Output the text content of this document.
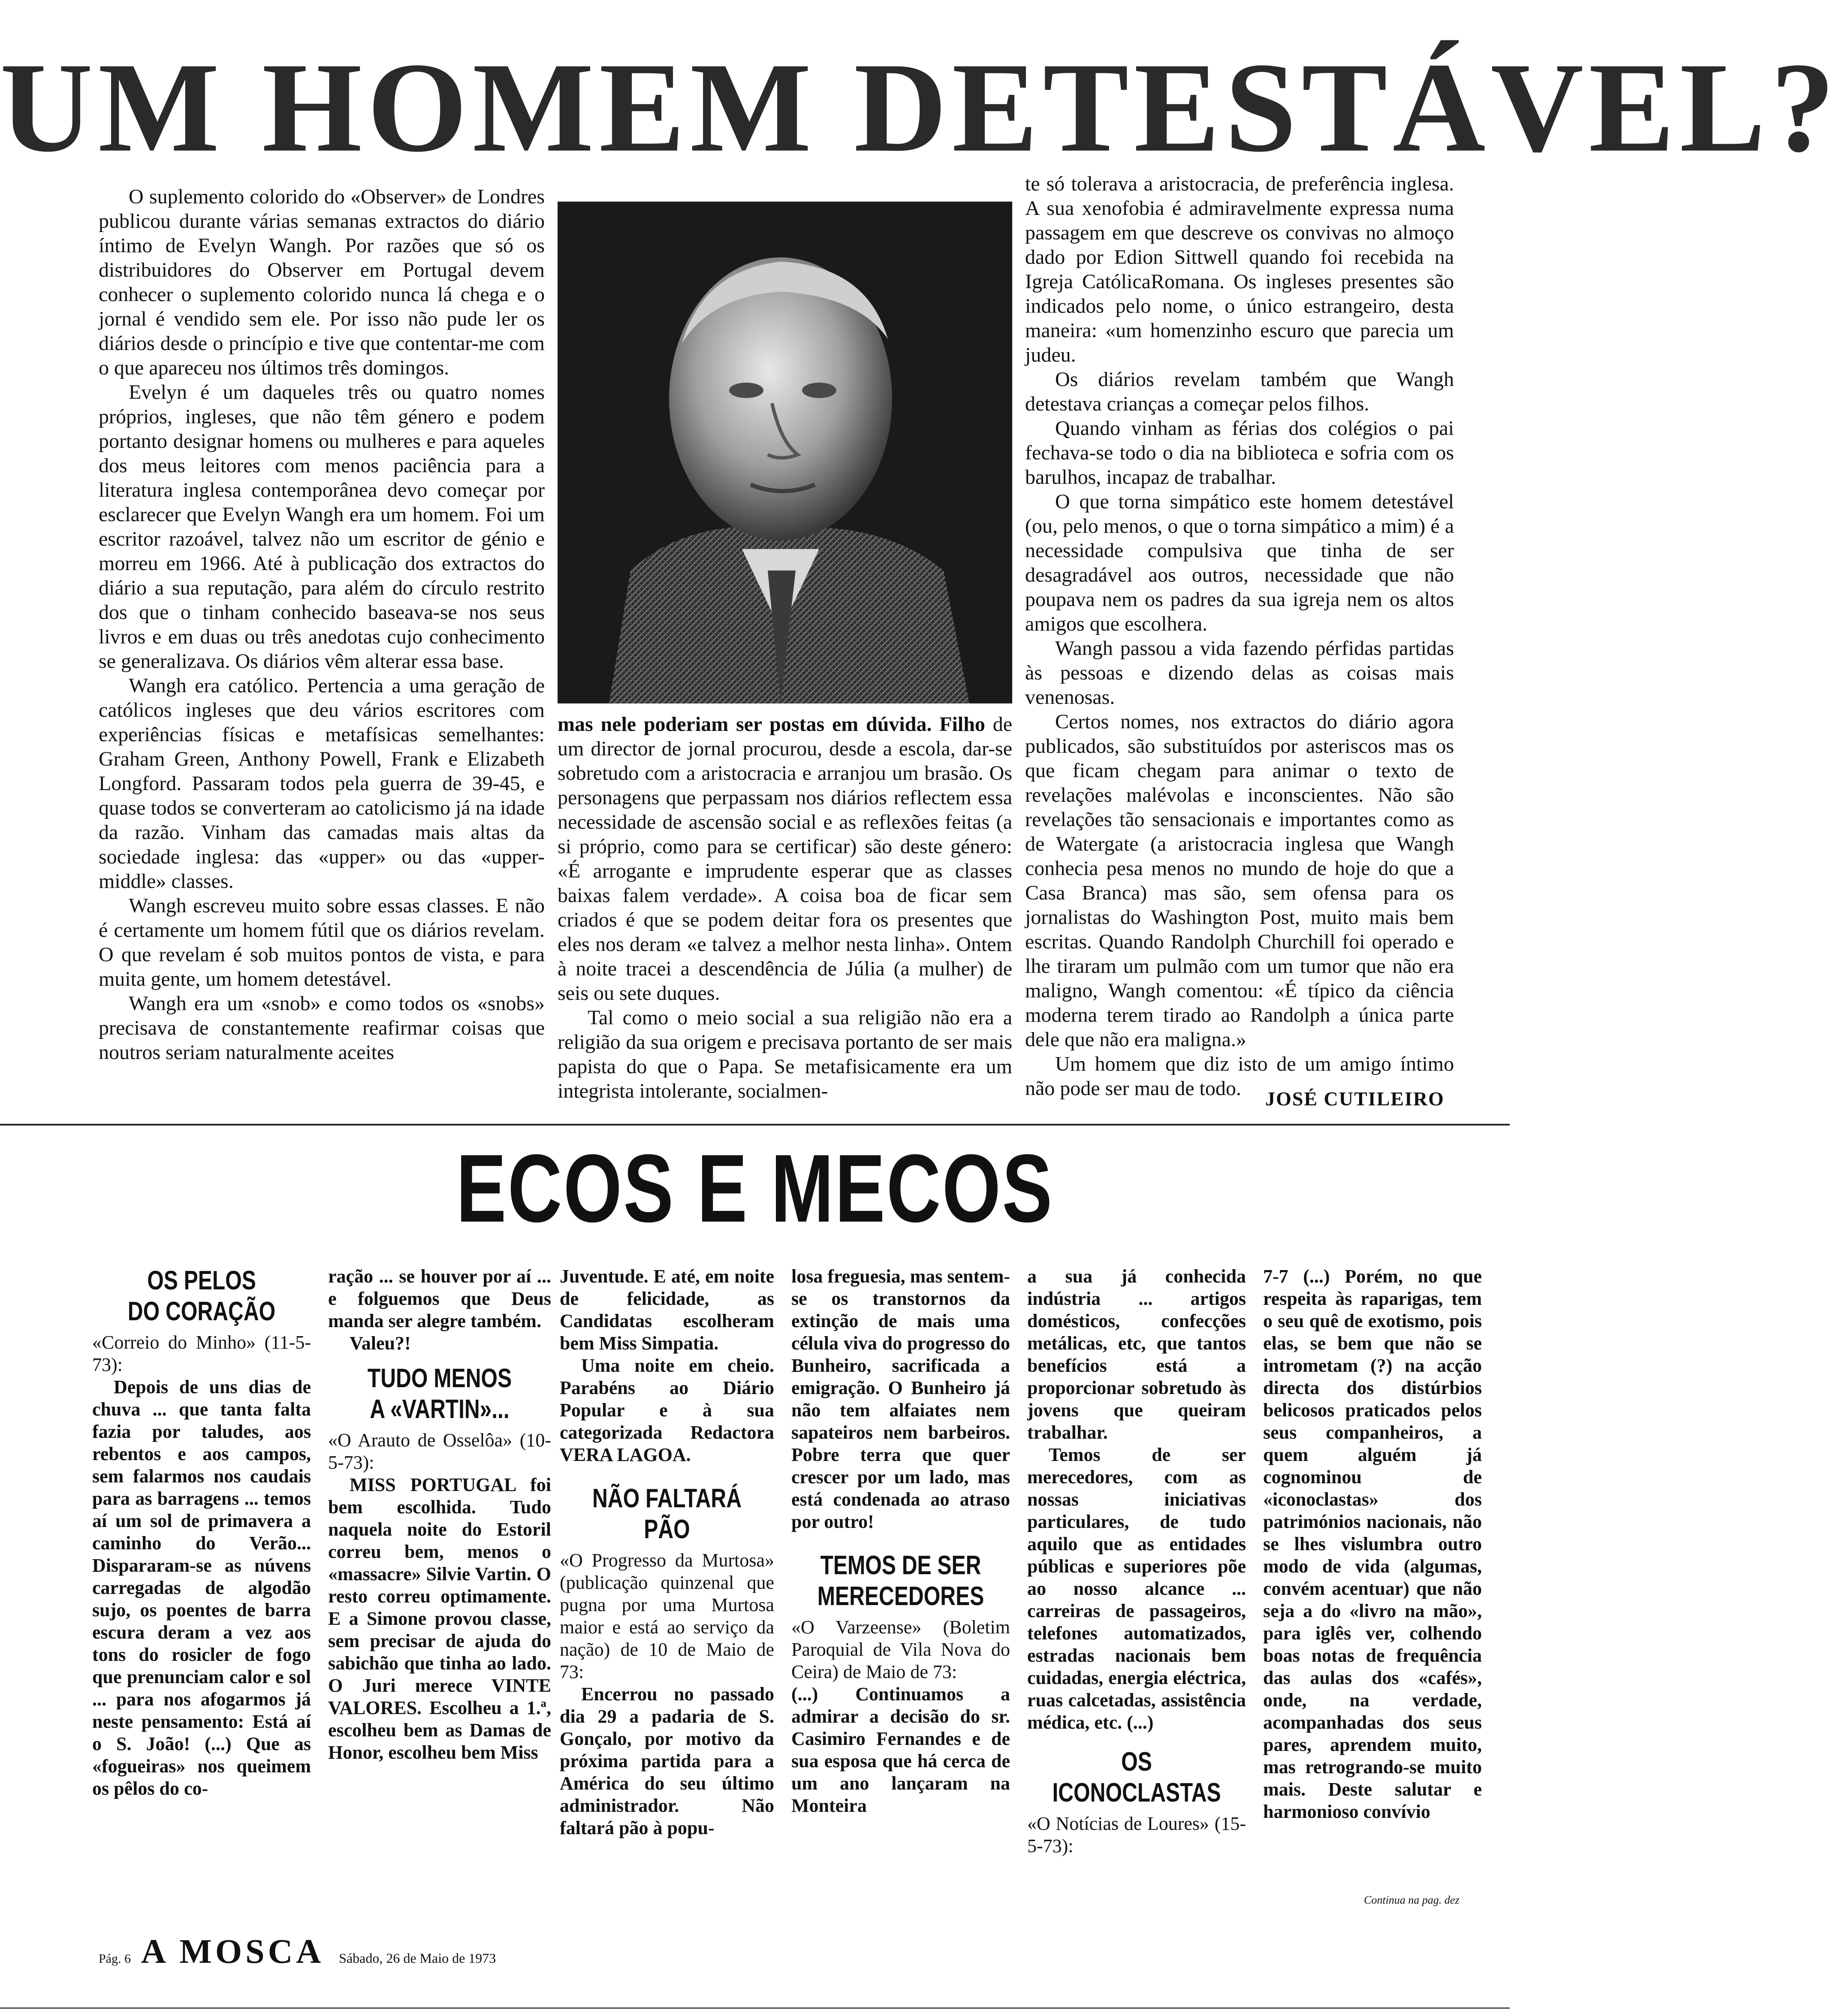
UM HOMEM DETESTÁVEL?

O suplemento colorido do «Observer» de Londres publicou durante várias semanas extractos do diário íntimo de Evelyn Wangh. Por razões que só os distribuidores do Observer em Portugal devem conhecer o suplemento colorido nunca lá chega e o jornal é vendido sem ele. Por isso não pude ler os diários desde o princípio e tive que contentar-me com o que apareceu nos últimos três domingos.

Evelyn é um daqueles três ou quatro nomes próprios, ingleses, que não têm género e podem portanto designar homens ou mulheres e para aqueles dos meus leitores com menos paciência para a literatura inglesa contemporânea devo começar por esclarecer que Evelyn Wangh era um homem. Foi um escritor razoável, talvez não um escritor de génio e morreu em 1966. Até à publicação dos extractos do diário a sua reputação, para além do círculo restrito dos que o tinham conhecido baseava-se nos seus livros e em duas ou três anedotas cujo conhecimento se generalizava. Os diários vêm alterar essa base.

Wangh era católico. Pertencia a uma geração de católicos ingleses que deu vários escritores com experiências físicas e metafísicas semelhantes: Graham Green, Anthony Powell, Frank e Elizabeth Longford. Passaram todos pela guerra de 39-45, e quase todos se converteram ao catolicismo já na idade da razão. Vinham das camadas mais altas da sociedade inglesa: das «upper» ou das «upper-middle» classes.

Wangh escreveu muito sobre essas classes. E não é certamente um homem fútil que os diários revelam. O que revelam é sob muitos pontos de vista, e para muita gente, um homem detestável.

Wangh era um «snob» e como todos os «snobs» precisava de constantemente reafirmar coisas que noutros seriam naturalmente aceites

mas nele poderiam ser postas em dúvida. Filho de um director de jornal procurou, desde a escola, dar-se sobretudo com a aristocracia e arranjou um brasão. Os personagens que perpassam nos diários reflectem essa necessidade de ascensão social e as reflexões feitas (a si próprio, como para se certificar) são deste género: «É arrogante e imprudente esperar que as classes baixas falem verdade». A coisa boa de ficar sem criados é que se podem deitar fora os presentes que eles nos deram «e talvez a melhor nesta linha». Ontem à noite tracei a descendência de Júlia (a mulher) de seis ou sete duques.

Tal como o meio social a sua religião não era a religião da sua origem e precisava portanto de ser mais papista do que o Papa. Se metafisicamente era um integrista intolerante, socialmen-

te só tolerava a aristocracia, de preferência inglesa. A sua xenofobia é admiravelmente expressa numa passagem em que descreve os convivas no almoço dado por Edion Sittwell quando foi recebida na Igreja CatólicaRomana. Os ingleses presentes são indicados pelo nome, o único estrangeiro, desta maneira: «um homenzinho escuro que parecia um judeu.

Os diários revelam também que Wangh detestava crianças a começar pelos filhos.

Quando vinham as férias dos colégios o pai fechava-se todo o dia na biblioteca e sofria com os barulhos, incapaz de trabalhar.

O que torna simpático este homem detestável (ou, pelo menos, o que o torna simpático a mim) é a necessidade compulsiva que tinha de ser desagradável aos outros, necessidade que não poupava nem os padres da sua igreja nem os altos amigos que escolhera.

Wangh passou a vida fazendo pérfidas partidas às pessoas e dizendo delas as coisas mais venenosas.

Certos nomes, nos extractos do diário agora publicados, são substituídos por asteriscos mas os que ficam chegam para animar o texto de revelações malévolas e inconscientes. Não são revelações tão sensacionais e importantes como as de Watergate (a aristocracia inglesa que Wangh conhecia pesa menos no mundo de hoje do que a Casa Branca) mas são, sem ofensa para os jornalistas do Washington Post, muito mais bem escritas. Quando Randolph Churchill foi operado e lhe tiraram um pulmão com um tumor que não era maligno, Wangh comentou: «É típico da ciência moderna terem tirado ao Randolph a única parte dele que não era maligna.»

Um homem que diz isto de um amigo íntimo não pode ser mau de todo.	JOSÉ CUTILEIRO
ECOS E MECOS
OS PELOS
DO CORAÇÃO

«Correio do Minho» (11-5-73):

Depois de uns dias de chuva ... que tanta falta fazia por taludes, aos rebentos e aos campos, sem falarmos nos caudais para as barragens ... temos aí um sol de primavera a caminho do Verão... Dispararam-se as núvens carregadas de algodão sujo, os poentes de barra escura deram a vez aos tons do rosicler de fogo que prenunciam calor e sol ... para nos afogarmos já neste pensamento: Está aí o S. João! (...) Que as «fogueiras» nos queimem os pêlos do co-

ração ... se houver por aí ... e folguemos que Deus manda ser alegre também.

Valeu?!

TUDO MENOS
A «VARTIN»...

«O Arauto de Osselôa» (10-5-73):

MISS PORTUGAL foi bem escolhida. Tudo naquela noite do Estoril correu bem, menos o «massacre» Silvie Vartin. O resto correu optimamente. E a Simone provou classe, sem precisar de ajuda do sabichão que tinha ao lado. O Juri merece VINTE VALORES. Escolheu a 1.ª, escolheu bem as Damas de Honor, escolheu bem Miss

Juventude. E até, em noite de felicidade, as Candidatas escolheram bem Miss Simpatia.

Uma noite em cheio. Parabéns ao Diário Popular e à sua categorizada Redactora VERA LAGOA.

NÃO FALTARÁ
PÃO

«O Progresso da Murtosa» (publicação quinzenal que pugna por uma Murtosa maior e está ao serviço da nação) de 10 de Maio de 73:

Encerrou no passado dia 29 a padaria de S. Gonçalo, por motivo da próxima partida para a América do seu último administrador. Não faltará pão à popu-

losa freguesia, mas sentem-se os transtornos da extinção de mais uma célula viva do progresso do Bunheiro, sacrificada a emigração. O Bunheiro já não tem alfaiates nem sapateiros nem barbeiros. Pobre terra que quer crescer por um lado, mas está condenada ao atraso por outro!

TEMOS DE SER
MERECEDORES

«O Varzeense» (Boletim Paroquial de Vila Nova do Ceira) de Maio de 73:

(...) Continuamos a admirar a decisão do sr. Casimiro Fernandes e de sua esposa que há cerca de um ano lançaram na Monteira

a sua já conhecida indústria ... artigos domésticos, confecções metálicas, etc, que tantos benefícios está a proporcionar sobretudo às jovens que queiram trabalhar.

Temos de ser merecedores, com as nossas iniciativas particulares, de tudo aquilo que as entidades públicas e superiores põe ao nosso alcance ... carreiras de passageiros, telefones automatizados, estradas nacionais bem cuidadas, energia eléctrica, ruas calcetadas, assistência médica, etc. (...)

OS
ICONOCLASTAS

«O Notícias de Loures» (15-5-73):

7-7 (...) Porém, no que respeita às raparigas, tem o seu quê de exotismo, pois elas, se bem que não se intrometam (?) na acção directa dos distúrbios belicosos praticados pelos seus companheiros, a quem alguém já cognominou de «iconoclastas» dos patrimónios nacionais, não se lhes vislumbra outro modo de vida (algumas, convém acentuar) que não seja a do «livro na mão», para iglês ver, colhendo boas notas de frequência das aulas dos «cafés», onde, na verdade, acompanhadas dos seus pares, aprendem muito, mas retrogrando-se muito mais. Deste salutar e harmonioso convívio

Continua na pag. dez
Pág. 6 A MOSCA Sábado, 26 de Maio de 1973
